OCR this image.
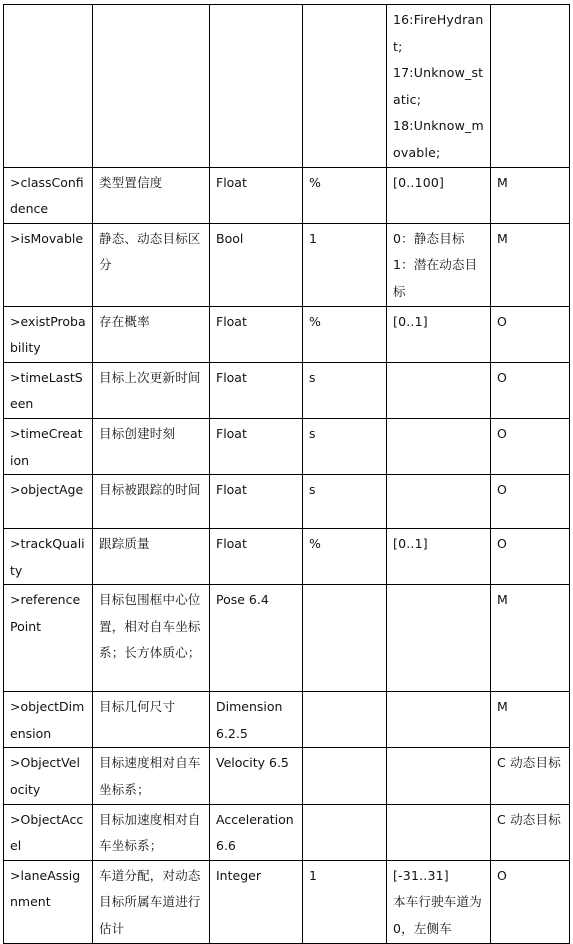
				16:FireHydrant;
17:Unknow_static;
18:Unknow_movable;	

>classConfidence	类型置信度	Float	%	[0..100]	M
>isMovable	静态、动态目标区分	Bool	1	0：静态目标
1：潜在动态目标	M
>existProbability	存在概率	Float	%	[0..1]	O
>timeLastSeen	目标上次更新时间	Float	s		O
>timeCreation	目标创建时刻	Float	s		O
>objectAge	目标被跟踪的时间	Float	s		O
>trackQuality	跟踪质量	Float	%	[0..1]	O
>referencePoint	目标包围框中心位置，相对自车坐标系；长方体质心；	Pose 6.4			M
>objectDimension	目标几何尺寸	Dimension 6.2.5			M
>ObjectVelocity	目标速度相对自车坐标系；	Velocity 6.5			C 动态目标
>ObjectAccel	目标加速度相对自车坐标系；	Acceleration 6.6			C 动态目标
>laneAssignment	车道分配，对动态目标所属车道进行估计	Integer	1	[-31..31]
本车行驶车道为 0，左侧车	O
